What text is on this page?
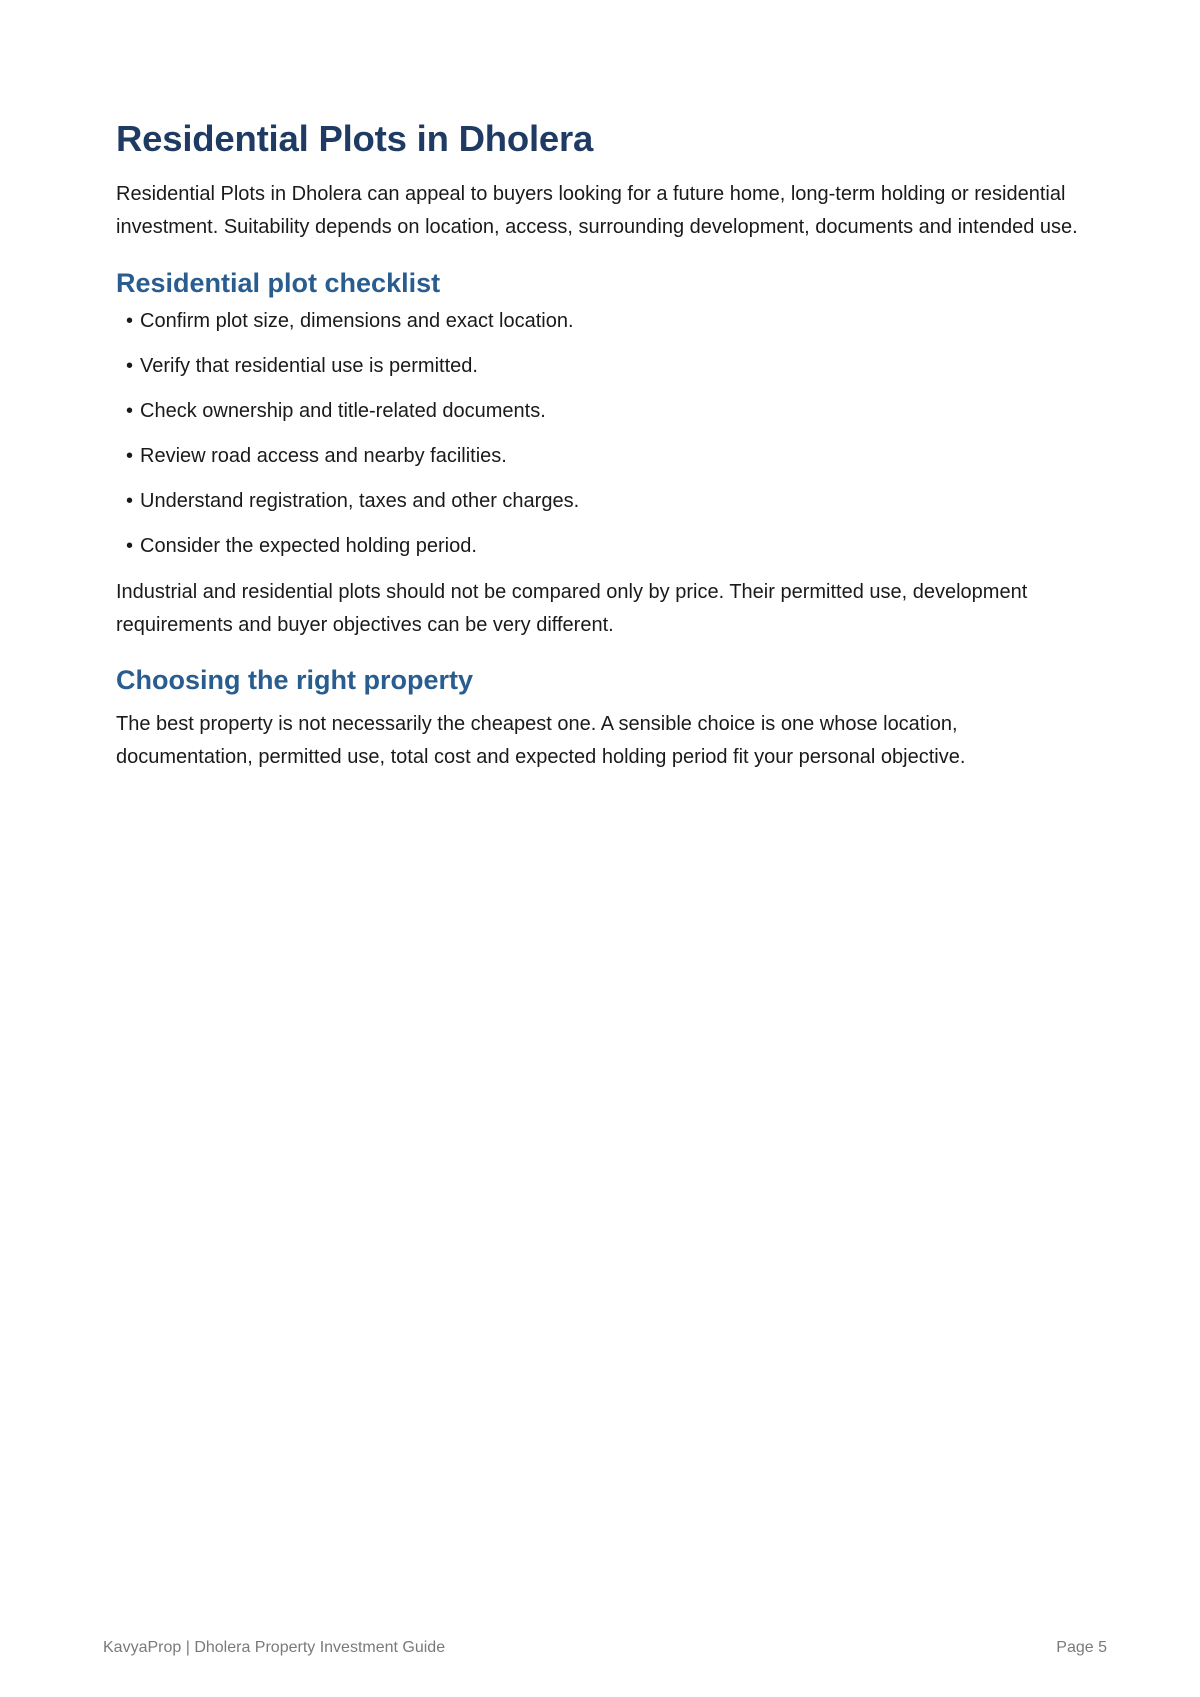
Residential Plots in Dholera

Residential Plots in Dholera can appeal to buyers looking for a future home, long-term holding or residential investment. Suitability depends on location, access, surrounding development, documents and intended use.

Residential plot checklist
• Confirm plot size, dimensions and exact location.
• Verify that residential use is permitted.
• Check ownership and title-related documents.
• Review road access and nearby facilities.
• Understand registration, taxes and other charges.
• Consider the expected holding period.

Industrial and residential plots should not be compared only by price. Their permitted use, development requirements and buyer objectives can be very different.

Choosing the right property

The best property is not necessarily the cheapest one. A sensible choice is one whose location, documentation, permitted use, total cost and expected holding period fit your personal objective.

KavyaProp | Dholera Property Investment Guide	Page 5
